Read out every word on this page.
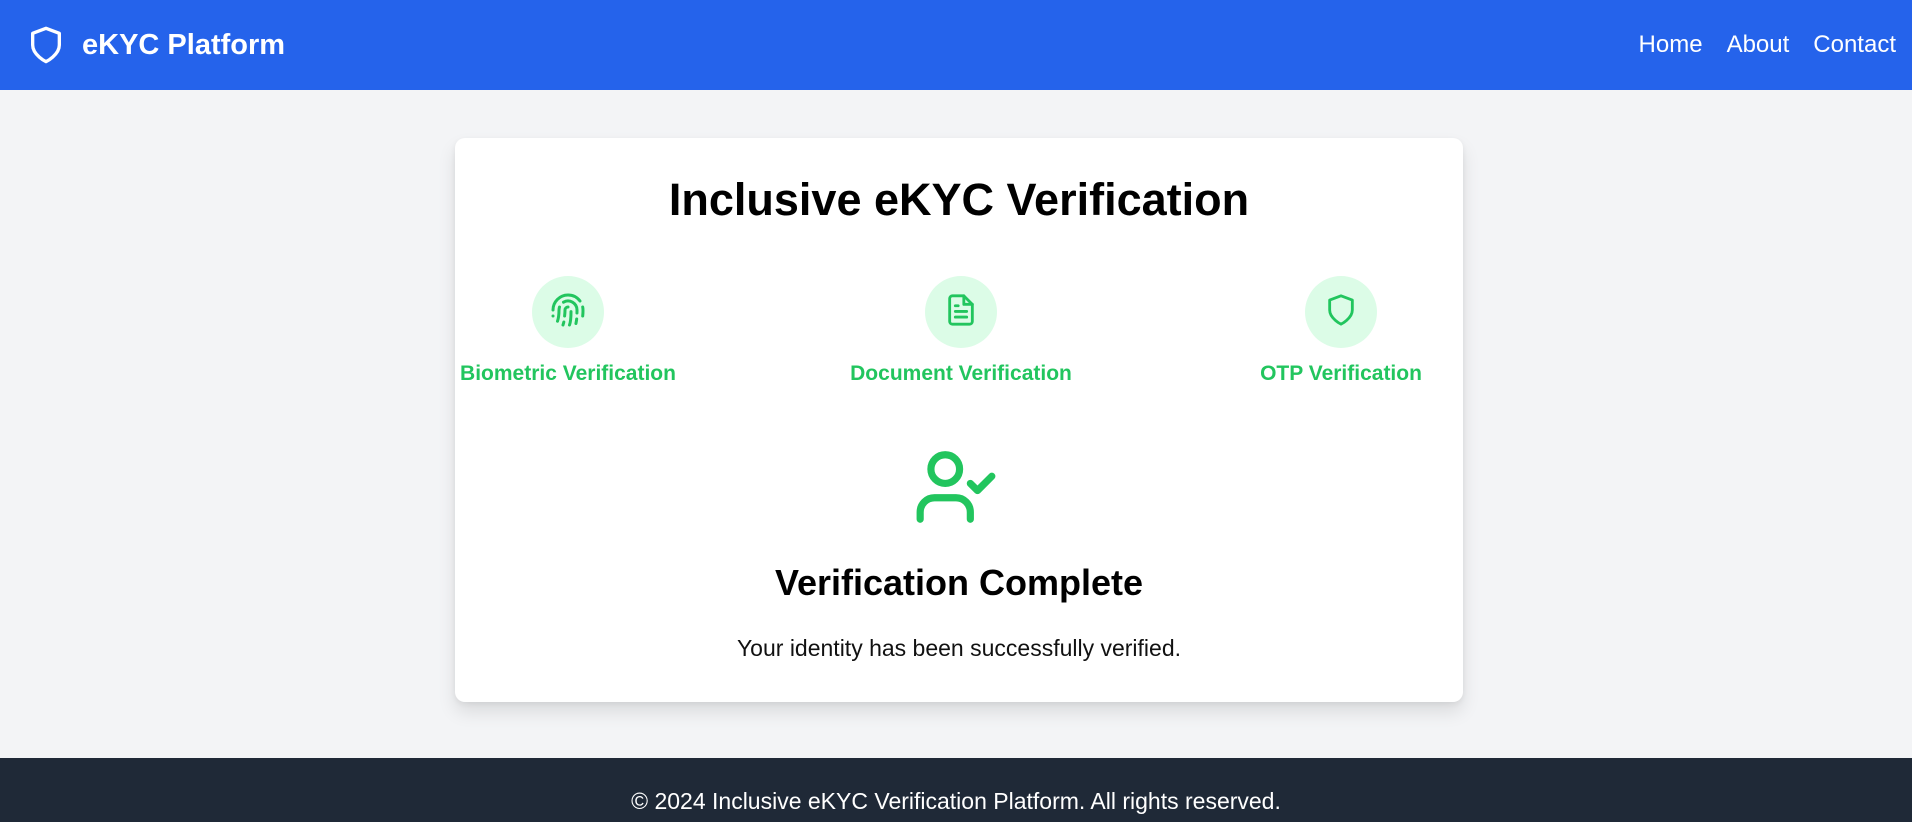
eKYC Platform	Home About Contact
Inclusive eKYC Verification
Biometric Verification	Document Verification	OTP Verification
Verification Complete

Your identity has been successfully verified.

© 2024 Inclusive eKYC Verification Platform. All rights reserved.
